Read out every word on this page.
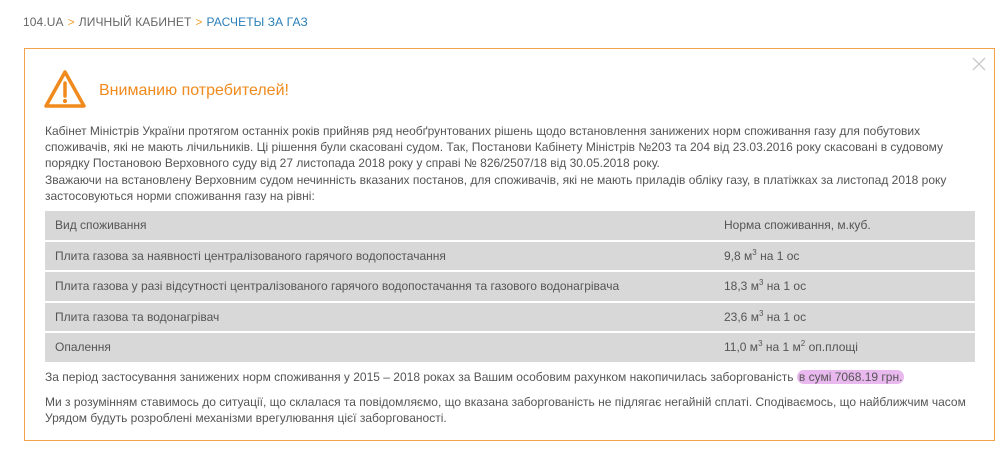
104.UA > ЛИЧНЫЙ КАБИНЕТ > РАСЧЕТЫ ЗА ГАЗ
Вниманию потребителей!
Кабінет Міністрів України протягом останніх років прийняв ряд необґрунтованих рішень щодо встановлення занижених норм споживання газу для побутових споживачів, які не мають лічильників. Ці рішення були скасовані судом. Так, Постанови Кабінету Міністрів №203 та 204 від 23.03.2016 року скасовані в судовому порядку Постановою Верховного суду від 27 листопада 2018 року у справі № 826/2507/18 від 30.05.2018 року.
Зважаючи на встановлену Верховним судом нечинність вказаних постанов, для споживачів, які не мають приладів обліку газу, в платіжках за листопад 2018 року застосовуються норми споживання газу на рівні:
Вид споживання	Норма споживання, м.куб.
Плита газова за наявності централізованого гарячого водопостачання	9,8 $м^3$ на 1 ос
Плита газова у разі відсутності централізованого гарячого водопостачання та газового водонагрівача	18,3 $м^3$ на 1 ос
Плита газова та водонагрівач	23,6 $м^3$ на 1 ос
Опалення	11,0 $м^3$ на 1 $м^2$ оп.площі
За період застосування занижених норм споживання у 2015 – 2018 роках за Вашим особовим рахунком накопичилась заборгованість в сумі 7068.19 грн.
Ми з розумінням ставимось до ситуації, що склалася та повідомляємо, що вказана заборгованість не підлягає негайній сплаті. Сподіваємось, що найближчим часом Урядом будуть розроблені механізми врегулювання цієї заборгованості.
